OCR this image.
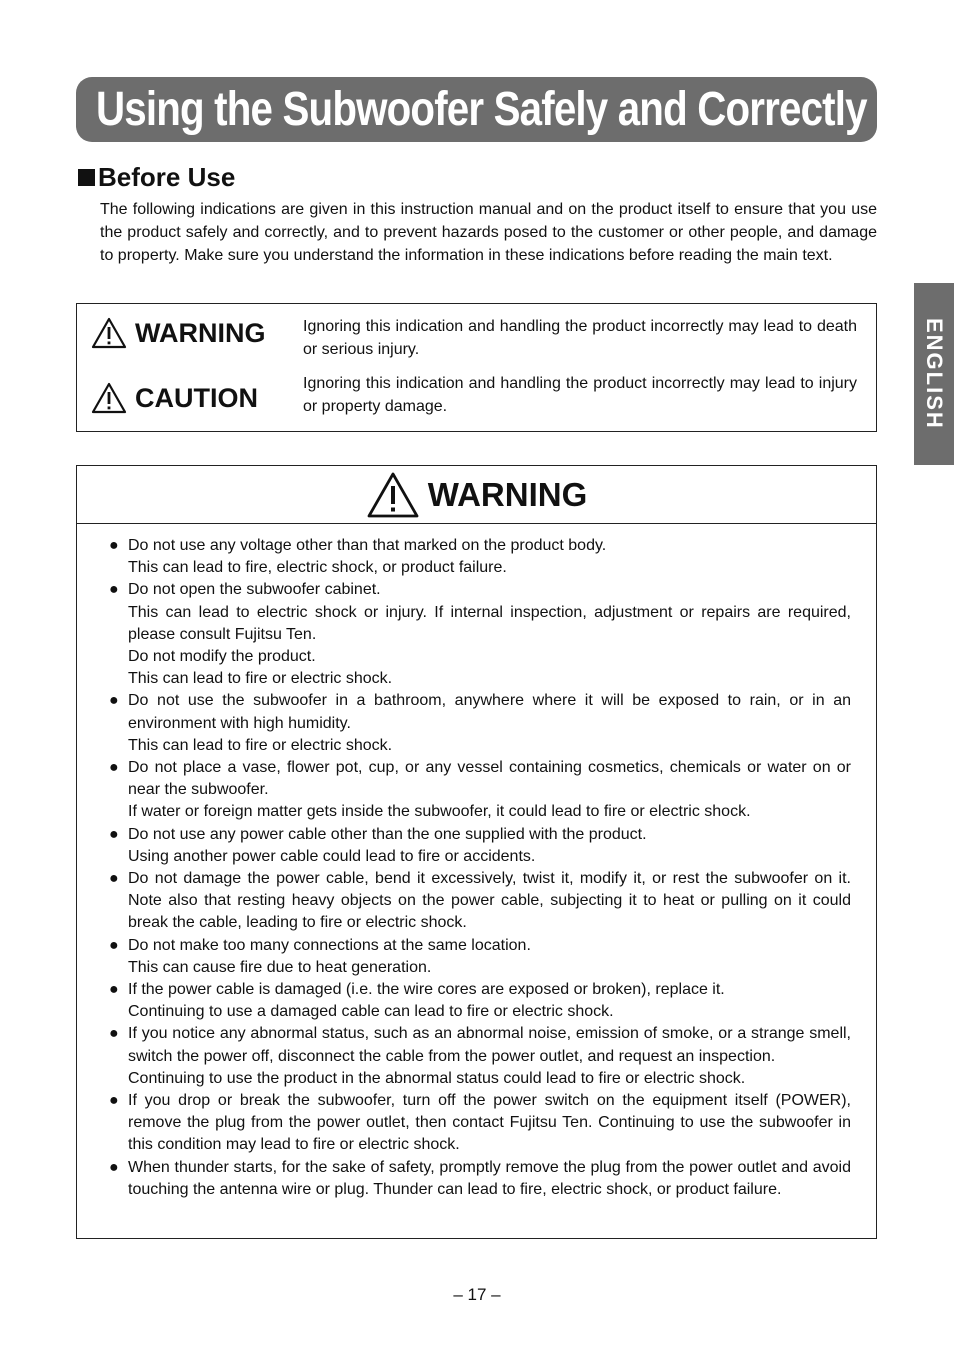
Using the Subwoofer Safely and Correctly
Before Use
The following indications are given in this instruction manual and on the product itself to ensure that you use the product safely and correctly, and to prevent hazards posed to the customer or other people, and damage to property. Make sure you understand the information in these indications before reading the main text.
WARNING Ignoring this indication and handling the product incorrectly may lead to death or serious injury.
CAUTION	Ignoring this indication and handling the product incorrectly may lead to injury or property damage.
WARNING
● Do not use any voltage other than that marked on the product body.
This can lead to fire, electric shock, or product failure.
● Do not open the subwoofer cabinet.
This can lead to electric shock or injury. If internal inspection, adjustment or repairs are required, please consult Fujitsu Ten.
Do not modify the product.
This can lead to fire or electric shock.
● Do not use the subwoofer in a bathroom, anywhere where it will be exposed to rain, or in an environment with high humidity.
This can lead to fire or electric shock.
● Do not place a vase, flower pot, cup, or any vessel containing cosmetics, chemicals or water on or near the subwoofer.
If water or foreign matter gets inside the subwoofer, it could lead to fire or electric shock.
● Do not use any power cable other than the one supplied with the product.
Using another power cable could lead to fire or accidents.
● Do not damage the power cable, bend it excessively, twist it, modify it, or rest the subwoofer on it. Note also that resting heavy objects on the power cable, subjecting it to heat or pulling on it could break the cable, leading to fire or electric shock.
● Do not make too many connections at the same location.
This can cause fire due to heat generation.
● If the power cable is damaged (i.e. the wire cores are exposed or broken), replace it.
Continuing to use a damaged cable can lead to fire or electric shock.
● If you notice any abnormal status, such as an abnormal noise, emission of smoke, or a strange smell, switch the power off, disconnect the cable from the power outlet, and request an inspection.
Continuing to use the product in the abnormal status could lead to fire or electric shock.
● If you drop or break the subwoofer, turn off the power switch on the equipment itself (POWER), remove the plug from the power outlet, then contact Fujitsu Ten. Continuing to use the subwoofer in this condition may lead to fire or electric shock.
● When thunder starts, for the sake of safety, promptly remove the plug from the power outlet and avoid touching the antenna wire or plug. Thunder can lead to fire, electric shock, or product failure.
ENGLISH
– 17 –
